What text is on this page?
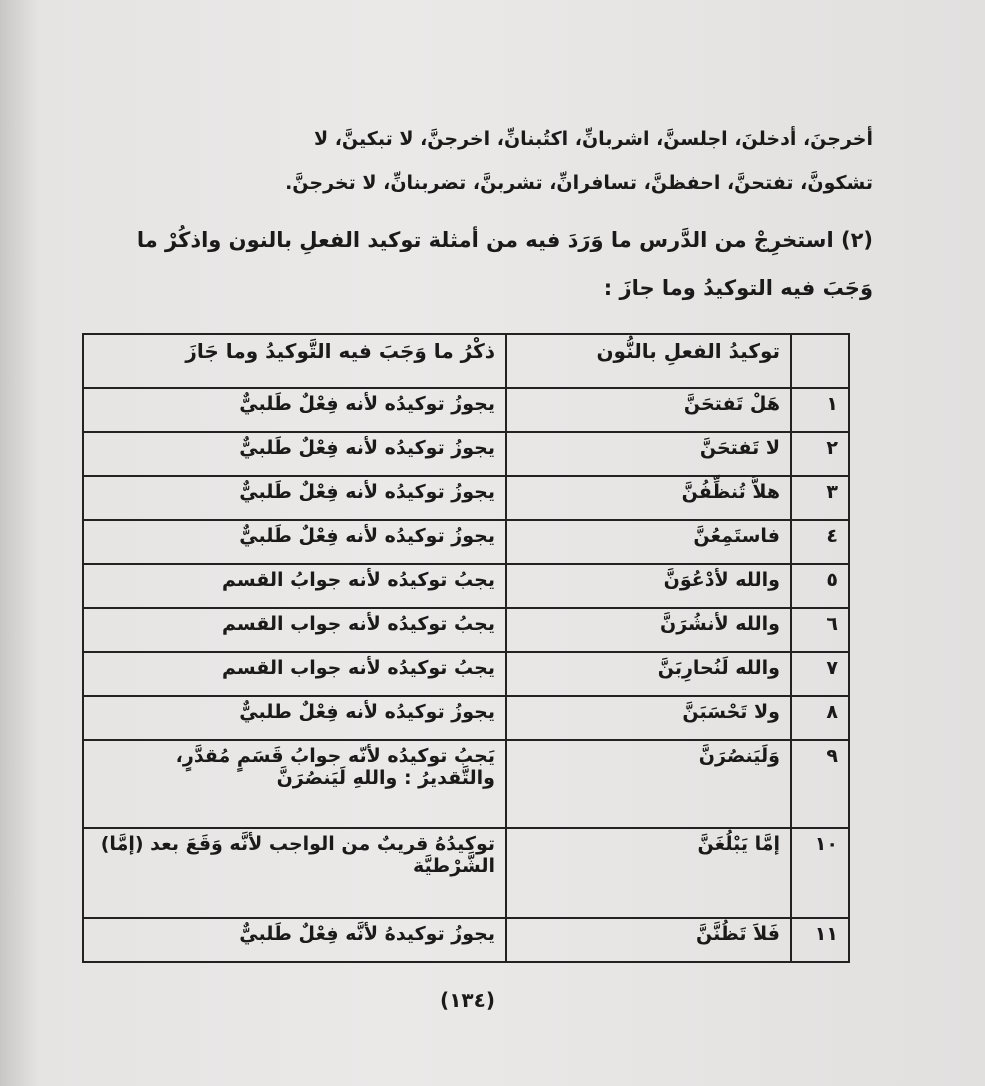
أخرجنَ، أدخلنَ، اجلسنَّ، اشربانِّ، اكتُبنانِّ، اخرجنَّ، لا تبكينَّ، لا
تشكونَّ، تفتحنَّ، احفظنَّ، تسافرانِّ، تشربنَّ، تضربنانِّ، لا تخرجنَّ.
(٢) استخرِجْ من الدَّرس ما وَرَدَ فيه من أمثلة توكيد الفعلِ بالنون واذكُرْ ما
وَجَبَ فيه التوكيدُ وما جازَ :
	توكيدُ الفعلِ بالنُّون	ذكْرُ ما وَجَبَ فيه التَّوكيدُ وما جَازَ
١	هَلْ تَفتحَنَّ	يجوزُ توكيدُه لأنه فِعْلٌ طَلبيٌّ
٢	لا تَفتحَنَّ	يجوزُ توكيدُه لأنه فِعْلٌ طَلبيٌّ
٣	هلاَّ تُنظِّفُنَّ	يجوزُ توكيدُه لأنه فِعْلٌ طَلبيٌّ
٤	فاستَمِعُنَّ	يجوزُ توكيدُه لأنه فِعْلٌ طَلبيٌّ
٥	والله لأدْعُوَنَّ	يجبُ توكيدُه لأنه جوابُ القسم
٦	والله لأنشُرَنَّ	يجبُ توكيدُه لأنه جواب القسم
٧	والله لَنُحارِبَنَّ	يجبُ توكيدُه لأنه جواب القسم
٨	ولا تَحْسَبَنَّ	يجوزُ توكيدُه لأنه فِعْلٌ طلبيٌّ
٩	وَلَيَنصُرَنَّ	يَجبُ توكيدُه لأنّه جوابُ قَسَمٍ مُقدَّرٍ، والتَّقديرُ : واللهِ لَيَنصُرَنَّ
١٠	إمَّا يَبْلُغَنَّ	توكيدُهُ قريبٌ من الواجب لأنَّه وَقَعَ بعد (إمَّا) الشَّرْطيَّة
١١	فَلاَ تَظُنَّنَّ	يجوزُ توكيدهُ لأنَّه فِعْلٌ طَلبيٌّ
(١٣٤)
